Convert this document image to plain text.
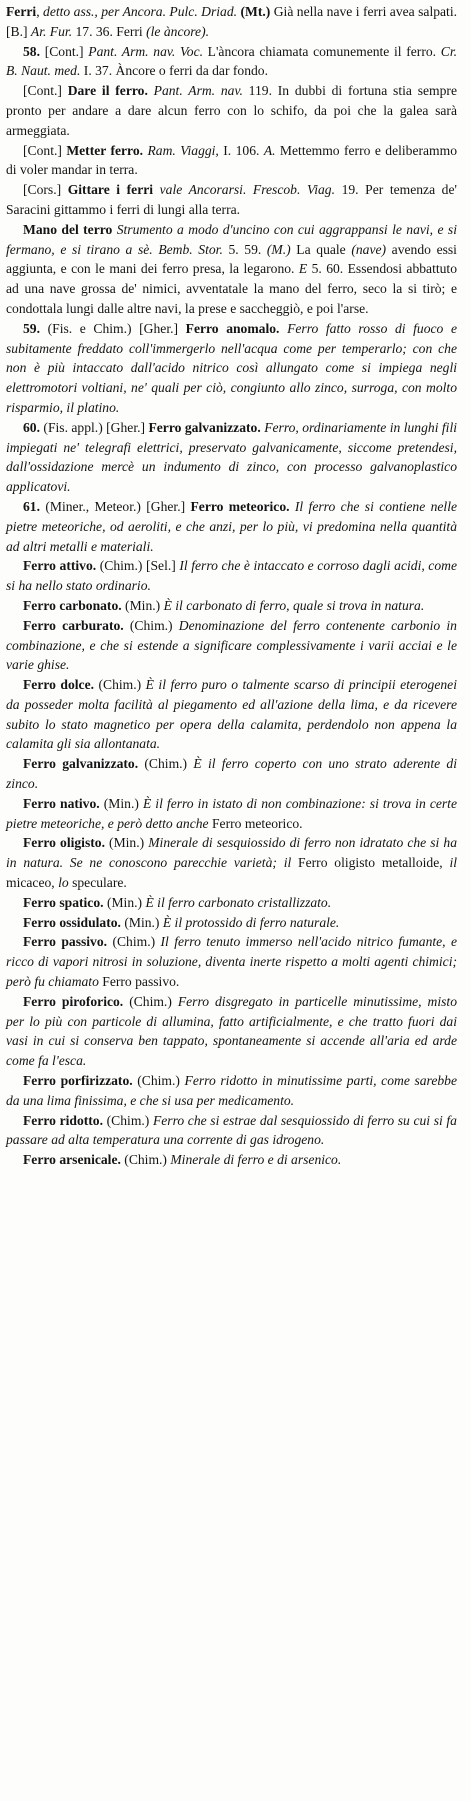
Ferri, detto ass., per Ancora. Pulc. Driad. (Mt.) Già nella nave i ferri avea salpati. [B.] Ar. Fur. 17. 36. Ferri (le àncore).

58. [Cont.] Pant. Arm. nav. Voc. L'àncora chiamata comunemente il ferro. Cr. B. Naut. med. I. 37. Àncore o ferri da dar fondo.

[Cont.] Dare il ferro. Pant. Arm. nav. 119. In dubbi di fortuna stia sempre pronto per andare a dare alcun ferro con lo schifo, da poi che la galea sarà armeggiata.

[Cont.] Metter ferro. Ram. Viaggi, I. 106. A. Mettemmo ferro e deliberammo di voler mandar in terra.

[Cors.] Gittare i ferri vale Ancorarsi. Frescob. Viag. 19. Per temenza de' Saracini gittammo i ferri di lungi alla terra.

Mano del terro Strumento a modo d'uncino con cui aggrappansi le navi, e si fermano, e si tirano a sè. Bemb. Stor. 5. 59. (M.) La quale (nave) avendo essi aggiunta, e con le mani dei ferro presa, la legarono. E 5. 60. Essendosi abbattuto ad una nave grossa de' nimici, avventatale la mano del ferro, seco la si tirò; e condottala lungi dalle altre navi, la prese e saccheggiò, e poi l'arse.

59. (Fis. e Chim.) [Gher.] Ferro anomalo. Ferro fatto rosso di fuoco e subitamente freddato coll'immergerlo nell'acqua come per temperarlo; con che non è più intaccato dall'acido nitrico così allungato come si impiega negli elettromotori voltiani, ne' quali per ciò, congiunto allo zinco, surroga, con molto risparmio, il platino.

60. (Fis. appl.) [Gher.] Ferro galvanizzato. Ferro, ordinariamente in lunghi fili impiegati ne' telegrafi elettrici, preservato galvanicamente, siccome pretendesi, dall'ossidazione mercè un indumento di zinco, con processo galvanoplastico applicatovi.

61. (Miner., Meteor.) [Gher.] Ferro meteorico. Il ferro che si contiene nelle pietre meteoriche, od aeroliti, e che anzi, per lo più, vi predomina nella quantità ad altri metalli e materiali.

Ferro attivo. (Chim.) [Sel.] Il ferro che è intaccato e corroso dagli acidi, come si ha nello stato ordinario.

Ferro carbonato. (Min.) È il carbonato di ferro, quale si trova in natura.

Ferro carburato. (Chim.) Denominazione del ferro contenente carbonio in combinazione, e che si estende a significare complessivamente i varii acciai e le varie ghise.

Ferro dolce. (Chim.) È il ferro puro o talmente scarso di principii eterogenei da posseder molta facilità al piegamento ed all'azione della lima, e da ricevere subito lo stato magnetico per opera della calamita, perdendolo non appena la calamita gli sia allontanata.

Ferro galvanizzato. (Chim.) È il ferro coperto con uno strato aderente di zinco.

Ferro nativo. (Min.) È il ferro in istato di non combinazione: si trova in certe pietre meteoriche, e però detto anche Ferro meteorico.

Ferro oligisto. (Min.) Minerale di sesquiossido di ferro non idratato che si ha in natura. Se ne conoscono parecchie varietà; il Ferro oligisto metalloide, il micaceo, lo speculare.

Ferro spatico. (Min.) È il ferro carbonato cristallizzato.

Ferro ossidulato. (Min.) È il protossido di ferro naturale.

Ferro passivo. (Chim.) Il ferro tenuto immerso nell'acido nitrico fumante, e ricco di vapori nitrosi in soluzione, diventa inerte rispetto a molti agenti chimici; però fu chiamato Ferro passivo.

Ferro piroforico. (Chim.) Ferro disgregato in particelle minutissime, misto per lo più con particole di allumina, fatto artificialmente, e che tratto fuori dai vasi in cui si conserva ben tappato, spontaneamente si accende all'aria ed arde come fa l'esca.

Ferro porfirizzato. (Chim.) Ferro ridotto in minutissime parti, come sarebbe da una lima finissima, e che si usa per medicamento.

Ferro ridotto. (Chim.) Ferro che si estrae dal sesquiossido di ferro su cui si fa passare ad alta temperatura una corrente di gas idrogeno.

Ferro arsenicale. (Chim.) Minerale di ferro e di arsenico.
